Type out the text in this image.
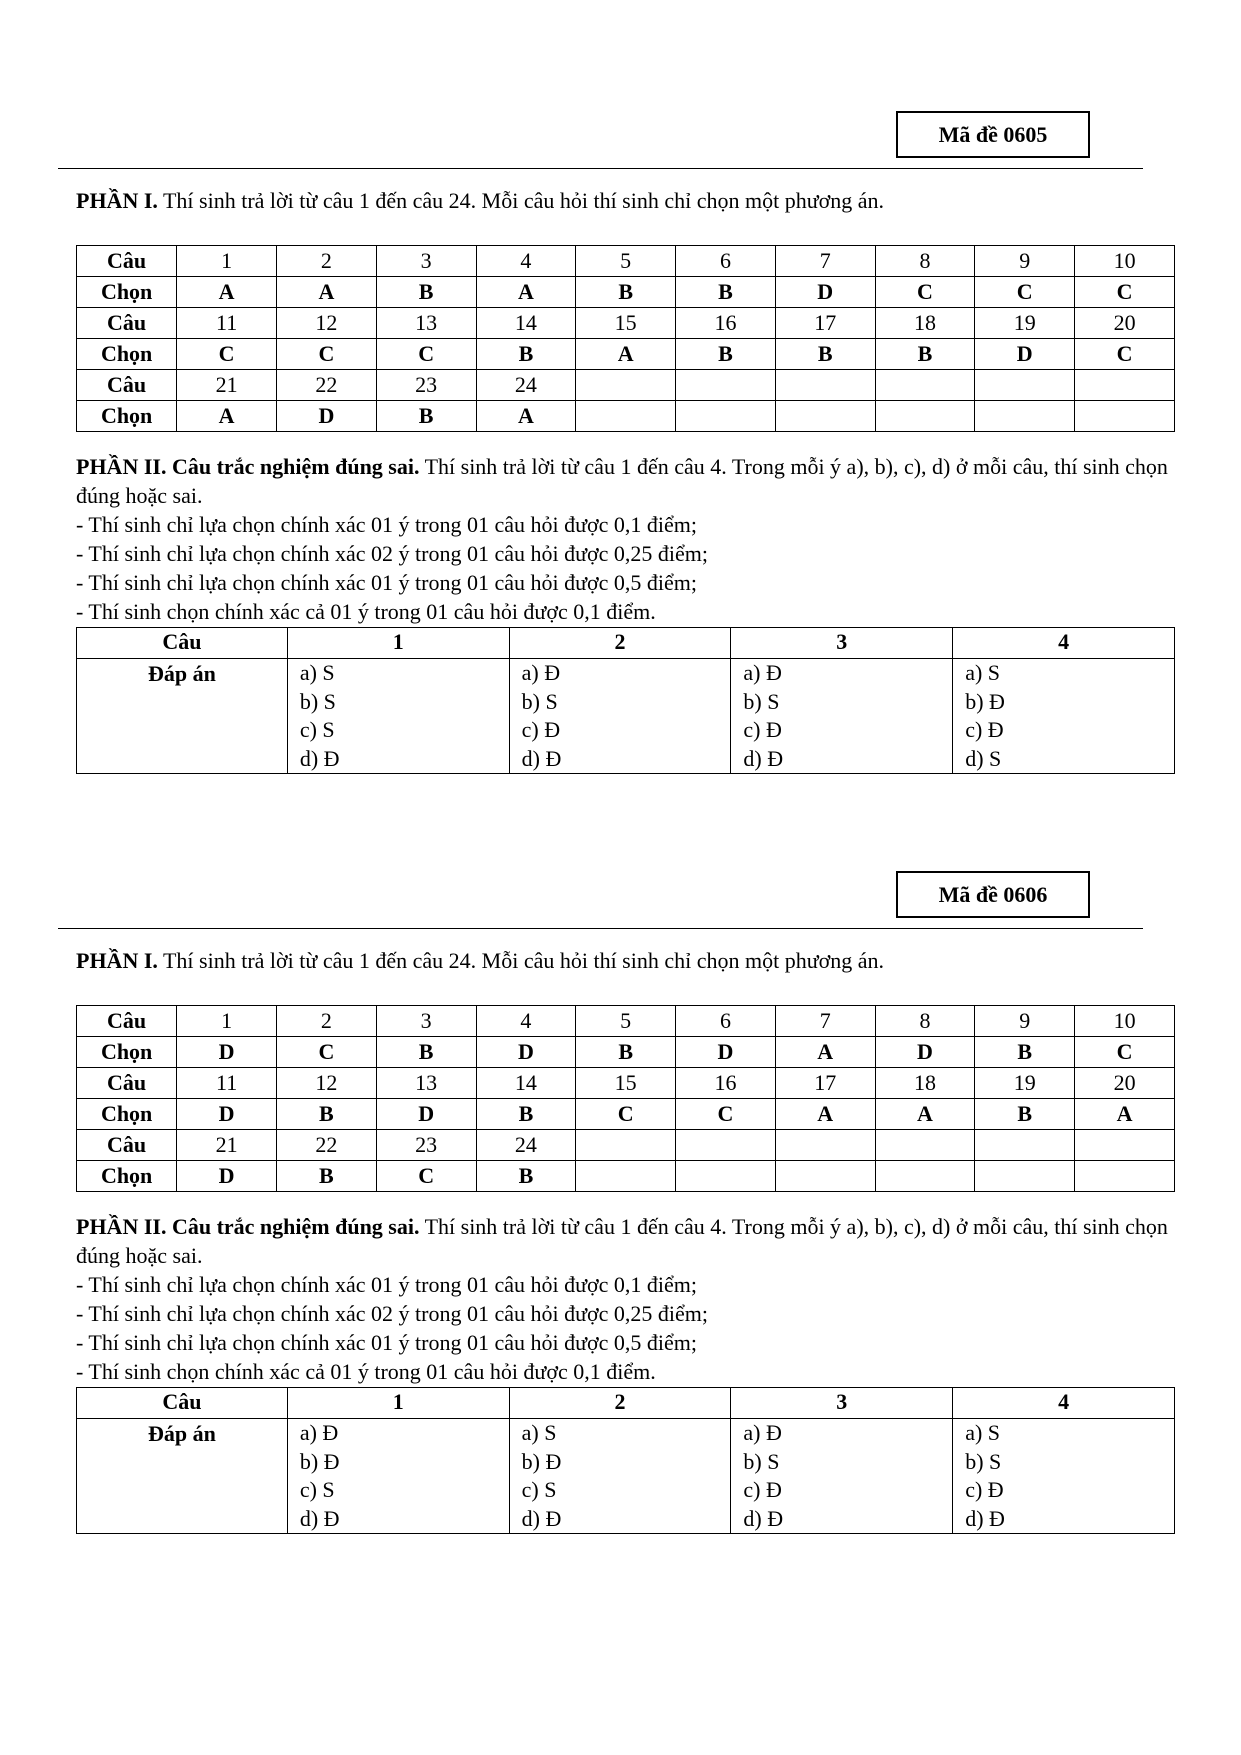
Mã đề 0605
PHẦN I. Thí sinh trả lời từ câu 1 đến câu 24. Mỗi câu hỏi thí sinh chỉ chọn một phương án.
Câu	1	2	3	4	5	6	7	8	9	10
Chọn	A	A	B	A	B	B	D	C	C	C
Câu	11	12	13	14	15	16	17	18	19	20
Chọn	C	C	C	B	A	B	B	B	D	C
Câu	21	22	23	24						
Chọn	A	D	B	A						
PHẦN II. Câu trắc nghiệm đúng sai. Thí sinh trả lời từ câu 1 đến câu 4. Trong mỗi ý a), b), c), d) ở mỗi câu, thí sinh chọn đúng hoặc sai.
- Thí sinh chỉ lựa chọn chính xác 01 ý trong 01 câu hỏi được 0,1 điểm;
- Thí sinh chỉ lựa chọn chính xác 02 ý trong 01 câu hỏi được 0,25 điểm;
- Thí sinh chỉ lựa chọn chính xác 01 ý trong 01 câu hỏi được 0,5 điểm;
- Thí sinh chọn chính xác cả 01 ý trong 01 câu hỏi được 0,1 điểm.
Câu	1	2	3	4
Đáp án	a) S
b) S
c) S
d) Đ	a) Đ
b) S
c) Đ
d) Đ	a) Đ
b) S
c) Đ
d) Đ	a) S
b) Đ
c) Đ
d) S
Mã đề 0606
PHẦN I. Thí sinh trả lời từ câu 1 đến câu 24. Mỗi câu hỏi thí sinh chỉ chọn một phương án.
Câu	1	2	3	4	5	6	7	8	9	10
Chọn	D	C	B	D	B	D	A	D	B	C
Câu	11	12	13	14	15	16	17	18	19	20
Chọn	D	B	D	B	C	C	A	A	B	A
Câu	21	22	23	24						
Chọn	D	B	C	B						
PHẦN II. Câu trắc nghiệm đúng sai. Thí sinh trả lời từ câu 1 đến câu 4. Trong mỗi ý a), b), c), d) ở mỗi câu, thí sinh chọn đúng hoặc sai.
- Thí sinh chỉ lựa chọn chính xác 01 ý trong 01 câu hỏi được 0,1 điểm;
- Thí sinh chỉ lựa chọn chính xác 02 ý trong 01 câu hỏi được 0,25 điểm;
- Thí sinh chỉ lựa chọn chính xác 01 ý trong 01 câu hỏi được 0,5 điểm;
- Thí sinh chọn chính xác cả 01 ý trong 01 câu hỏi được 0,1 điểm.
Câu	1	2	3	4
Đáp án	a) Đ
b) Đ
c) S
d) Đ	a) S
b) Đ
c) S
d) Đ	a) Đ
b) S
c) Đ
d) Đ	a) S
b) S
c) Đ
d) Đ
